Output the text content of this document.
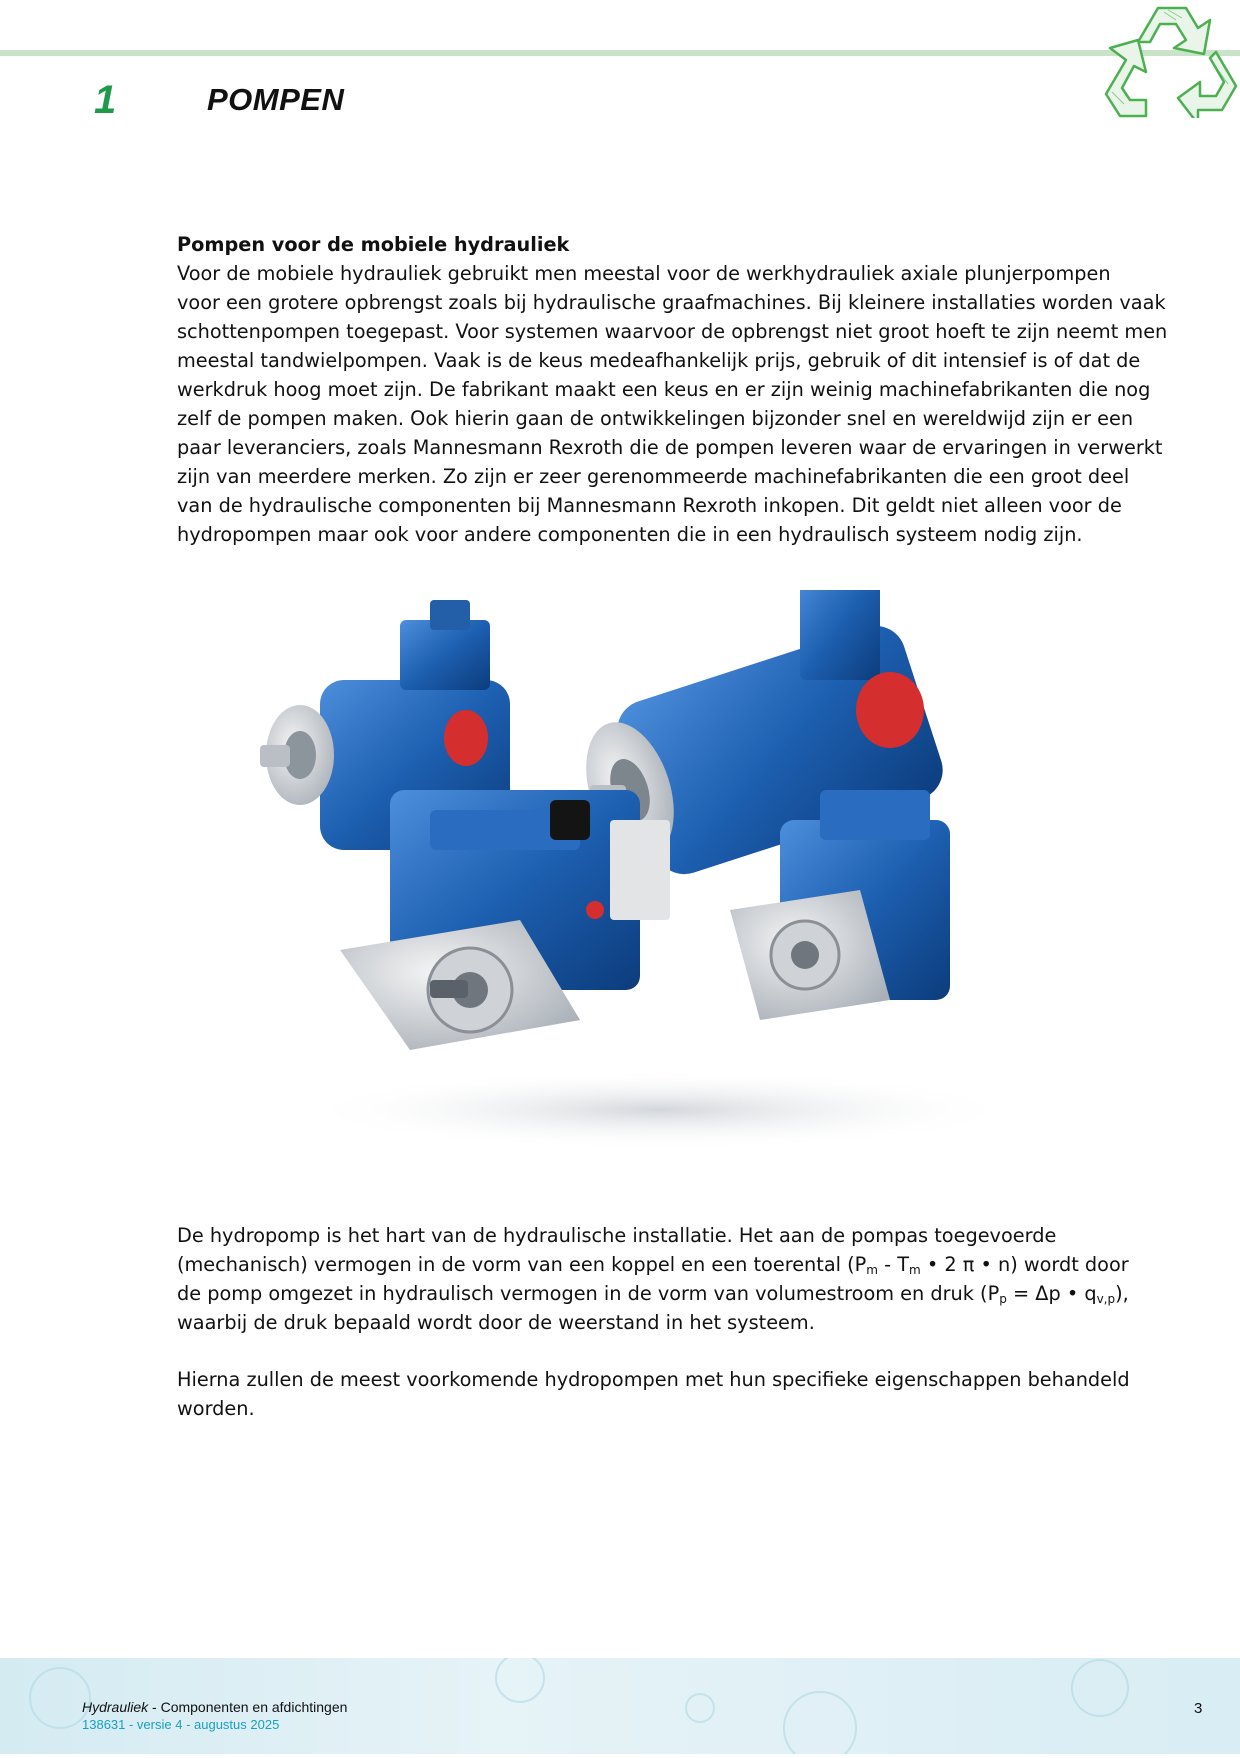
1	POMPEN

Pompen voor de mobiele hydrauliek

Voor de mobiele hydrauliek gebruikt men meestal voor de werkhydrauliek axiale plunjerpompen

voor een grotere opbrengst zoals bij hydraulische graafmachines. Bij kleinere installaties worden vaak

schottenpompen toegepast. Voor systemen waarvoor de opbrengst niet groot hoeft te zijn neemt men

meestal tandwielpompen. Vaak is de keus medeafhankelijk prijs, gebruik of dit intensief is of dat de

werkdruk hoog moet zijn. De fabrikant maakt een keus en er zijn weinig machinefabrikanten die nog

zelf de pompen maken. Ook hierin gaan de ontwikkelingen bijzonder snel en wereldwijd zijn er een

paar leveranciers, zoals Mannesmann Rexroth die de pompen leveren waar de ervaringen in verwerkt

zijn van meerdere merken. Zo zijn er zeer gerenommeerde machinefabrikanten die een groot deel

van de hydraulische componenten bij Mannesmann Rexroth inkopen. Dit geldt niet alleen voor de

hydropompen maar ook voor andere componenten die in een hydraulisch systeem nodig zijn.

De hydropomp is het hart van de hydraulische installatie. Het aan de pompas toegevoerde

(mechanisch) vermogen in de vorm van een koppel en een toerental ($P_m - T_m$ • 2 π • n) wordt door

de pomp omgezet in hydraulisch vermogen in de vorm van volumestroom en druk ($P_p = \Delta p$ • $q_{v,p}$),

waarbij de druk bepaald wordt door de weerstand in het systeem.

Hierna zullen de meest voorkomende hydropompen met hun specifieke eigenschappen behandeld

worden.

Hydrauliek - Componenten en afdichtingen
138631 - versie 4 - augustus 2025
3
